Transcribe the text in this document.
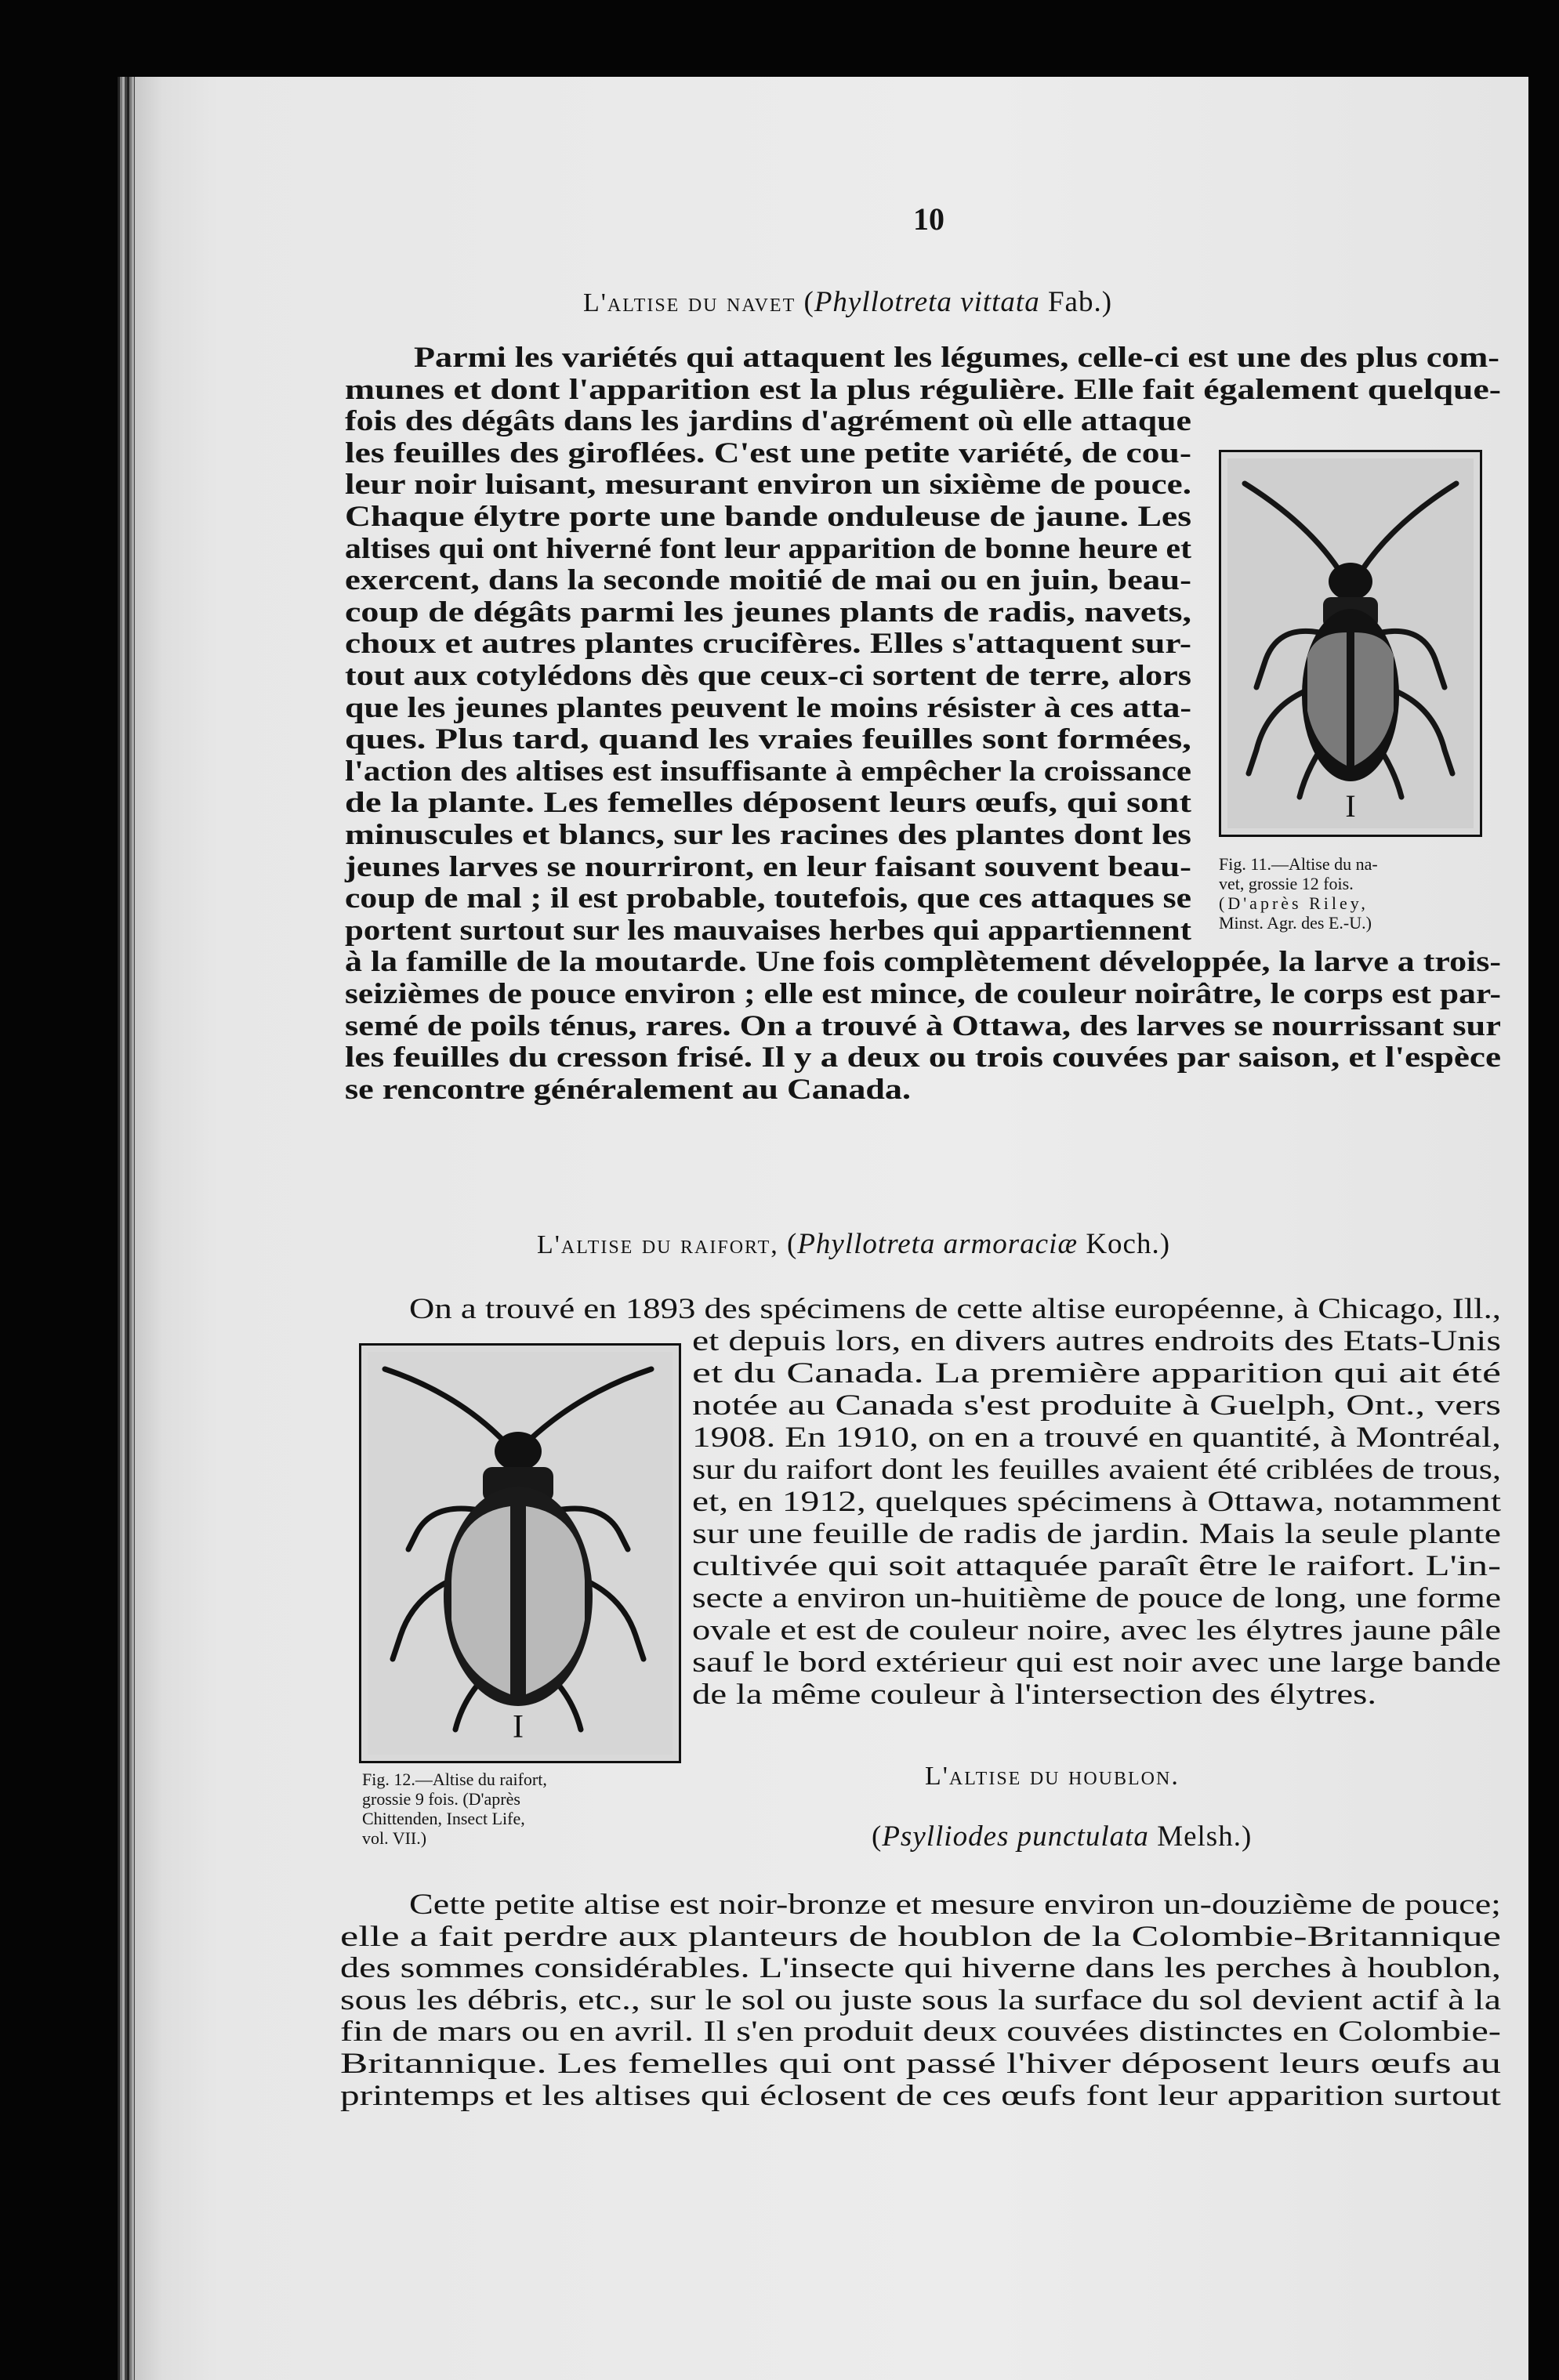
10
L'altise du navet (Phyllotreta vittata Fab.)
Parmi les variétés qui attaquent les légumes, celle-ci est une des plus com-
munes et dont l'apparition est la plus régulière. Elle fait également quelque-
fois des dégâts dans les jardins d'agrément où elle attaque
les feuilles des giroflées. C'est une petite variété, de cou-
leur noir luisant, mesurant environ un sixième de pouce.
Chaque élytre porte une bande onduleuse de jaune. Les
altises qui ont hiverné font leur apparition de bonne heure et
exercent, dans la seconde moitié de mai ou en juin, beau-
coup de dégâts parmi les jeunes plants de radis, navets,
choux et autres plantes crucifères. Elles s'attaquent sur-
tout aux cotylédons dès que ceux-ci sortent de terre, alors
que les jeunes plantes peuvent le moins résister à ces atta-
ques. Plus tard, quand les vraies feuilles sont formées,
l'action des altises est insuffisante à empêcher la croissance
de la plante. Les femelles déposent leurs œufs, qui sont
minuscules et blancs, sur les racines des plantes dont les
jeunes larves se nourriront, en leur faisant souvent beau-
coup de mal ; il est probable, toutefois, que ces attaques se
portent surtout sur les mauvaises herbes qui appartiennent
à la famille de la moutarde. Une fois complètement développée, la larve a trois-
seizièmes de pouce environ ; elle est mince, de couleur noirâtre, le corps est par-
semé de poils ténus, rares. On a trouvé à Ottawa, des larves se nourrissant sur
les feuilles du cresson frisé. Il y a deux ou trois couvées par saison, et l'espèce
se rencontre généralement au Canada.
I
Fig. 11.—Altise du na-
vet, grossie 12 fois.
(D'après Riley,
Minst. Agr. des E.-U.)
L'altise du raifort, (Phyllotreta armoraciæ Koch.)
On a trouvé en 1893 des spécimens de cette altise européenne, à Chicago, Ill.,
et depuis lors, en divers autres endroits des Etats-Unis
et du Canada. La première apparition qui ait été
notée au Canada s'est produite à Guelph, Ont., vers
1908. En 1910, on en a trouvé en quantité, à Montréal,
sur du raifort dont les feuilles avaient été criblées de trous,
et, en 1912, quelques spécimens à Ottawa, notamment
sur une feuille de radis de jardin. Mais la seule plante
cultivée qui soit attaquée paraît être le raifort. L'in-
secte a environ un-huitième de pouce de long, une forme
ovale et est de couleur noire, avec les élytres jaune pâle
sauf le bord extérieur qui est noir avec une large bande
de la même couleur à l'intersection des élytres.
I
Fig. 12.—Altise du raifort,
grossie 9 fois. (D'après
Chittenden, Insect Life,
vol. VII.)
L'altise du houblon.
(Psylliodes punctulata Melsh.)
Cette petite altise est noir-bronze et mesure environ un-douzième de pouce;
elle a fait perdre aux planteurs de houblon de la Colombie-Britannique
des sommes considérables. L'insecte qui hiverne dans les perches à houblon,
sous les débris, etc., sur le sol ou juste sous la surface du sol devient actif à la
fin de mars ou en avril. Il s'en produit deux couvées distinctes en Colombie-
Britannique. Les femelles qui ont passé l'hiver déposent leurs œufs au
printemps et les altises qui éclosent de ces œufs font leur apparition surtout
